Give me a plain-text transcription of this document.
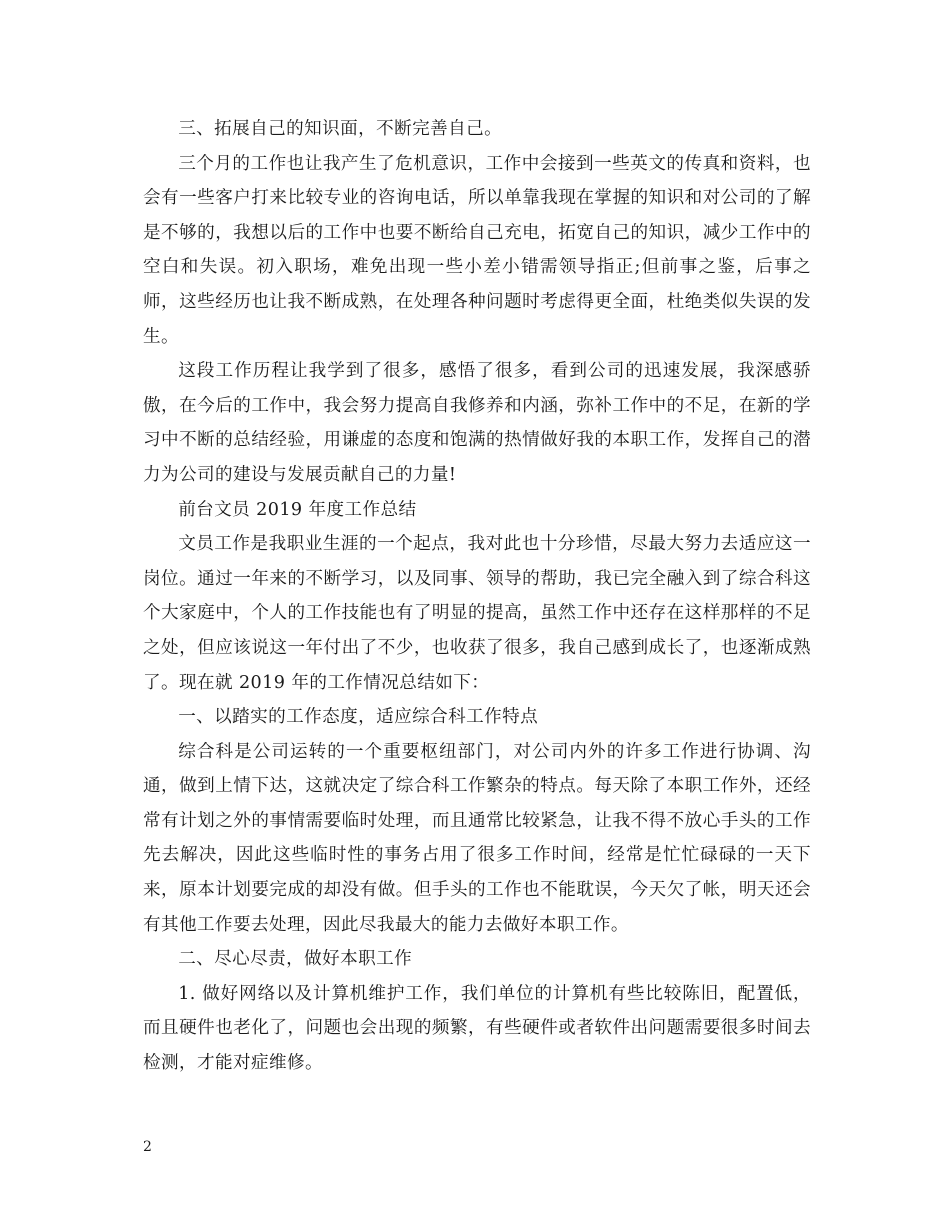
三、拓展自己的知识面，不断完善自己。

三个月的工作也让我产生了危机意识，工作中会接到一些英文的传真和资料，也会有一些客户打来比较专业的咨询电话，所以单靠我现在掌握的知识和对公司的了解是不够的，我想以后的工作中也要不断给自己充电，拓宽自己的知识，减少工作中的空白和失误。初入职场，难免出现一些小差小错需领导指正;但前事之鉴，后事之师，这些经历也让我不断成熟，在处理各种问题时考虑得更全面，杜绝类似失误的发生。

这段工作历程让我学到了很多，感悟了很多，看到公司的迅速发展，我深感骄傲，在今后的工作中，我会努力提高自我修养和内涵，弥补工作中的不足，在新的学习中不断的总结经验，用谦虚的态度和饱满的热情做好我的本职工作，发挥自己的潜力为公司的建设与发展贡献自己的力量!

前台文员 2019 年度工作总结

文员工作是我职业生涯的一个起点，我对此也十分珍惜，尽最大努力去适应这一岗位。通过一年来的不断学习，以及同事、领导的帮助，我已完全融入到了综合科这个大家庭中，个人的工作技能也有了明显的提高，虽然工作中还存在这样那样的不足之处，但应该说这一年付出了不少，也收获了很多，我自己感到成长了，也逐渐成熟了。现在就 2019 年的工作情况总结如下：

一、以踏实的工作态度，适应综合科工作特点

综合科是公司运转的一个重要枢纽部门，对公司内外的许多工作进行协调、沟通，做到上情下达，这就决定了综合科工作繁杂的特点。每天除了本职工作外，还经常有计划之外的事情需要临时处理，而且通常比较紧急，让我不得不放心手头的工作先去解决，因此这些临时性的事务占用了很多工作时间，经常是忙忙碌碌的一天下来，原本计划要完成的却没有做。但手头的工作也不能耽误，今天欠了帐，明天还会有其他工作要去处理，因此尽我最大的能力去做好本职工作。

二、尽心尽责，做好本职工作

1. 做好网络以及计算机维护工作，我们单位的计算机有些比较陈旧，配置低，而且硬件也老化了，问题也会出现的频繁，有些硬件或者软件出问题需要很多时间去检测，才能对症维修。

2
